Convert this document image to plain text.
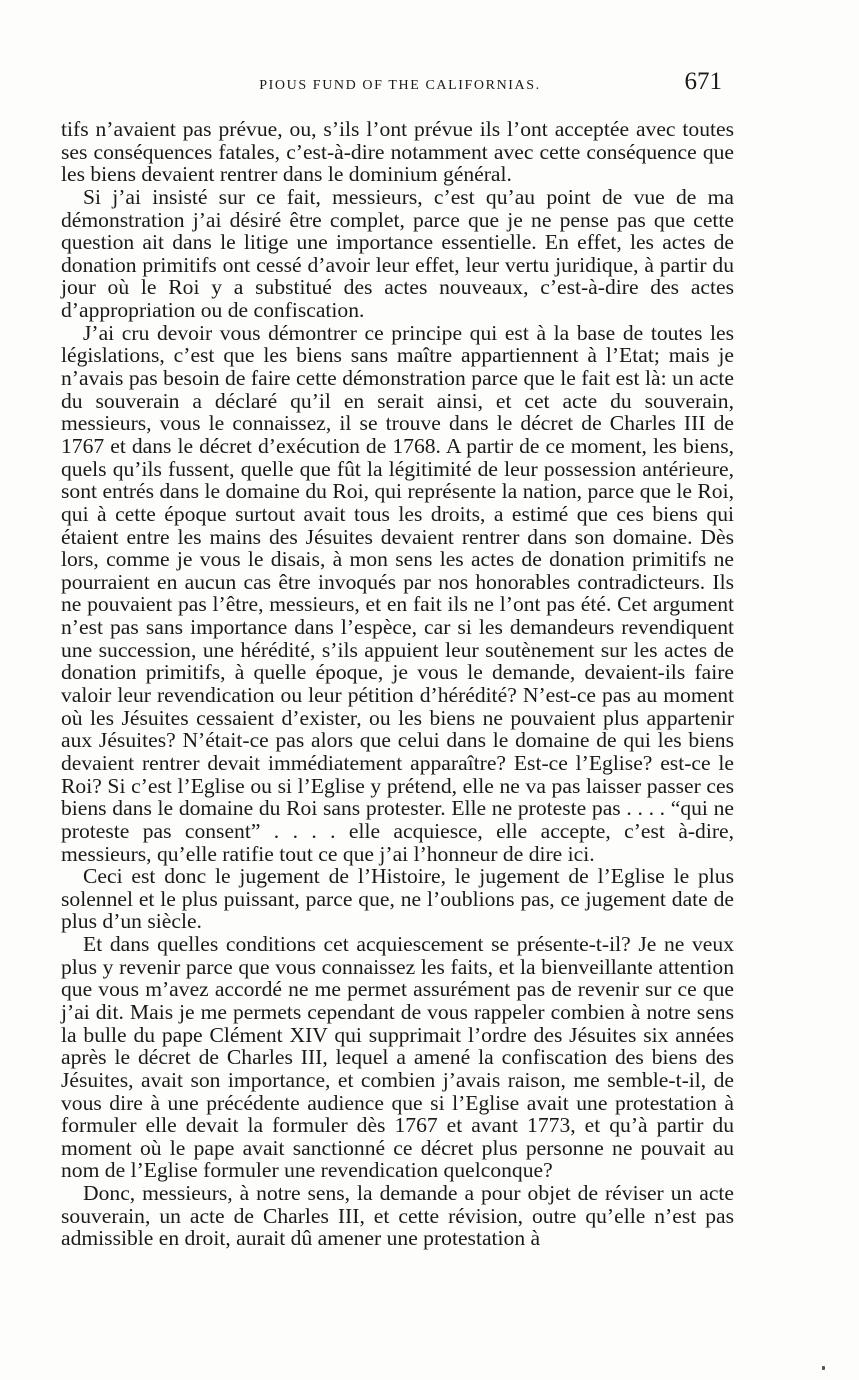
PIOUS FUND OF THE CALIFORNIAS.	671

tifs n’avaient pas prévue, ou, s’ils l’ont prévue ils l’ont acceptée avec toutes ses conséquences fatales, c’est-à-dire notamment avec cette conséquence que les biens devaient rentrer dans le dominium général.

Si j’ai insisté sur ce fait, messieurs, c’est qu’au point de vue de ma démonstration j’ai désiré être complet, parce que je ne pense pas que cette question ait dans le litige une importance essentielle. En effet, les actes de donation primitifs ont cessé d’avoir leur effet, leur vertu juridique, à partir du jour où le Roi y a substitué des actes nouveaux, c’est-à-dire des actes d’appropriation ou de confiscation.

J’ai cru devoir vous démontrer ce principe qui est à la base de toutes les législations, c’est que les biens sans maître appartiennent à l’Etat; mais je n’avais pas besoin de faire cette démonstration parce que le fait est là: un acte du souverain a déclaré qu’il en serait ainsi, et cet acte du souverain, messieurs, vous le connaissez, il se trouve dans le décret de Charles III de 1767 et dans le décret d’exécution de 1768. A partir de ce moment, les biens, quels qu’ils fussent, quelle que fût la légitimité de leur possession antérieure, sont entrés dans le domaine du Roi, qui représente la nation, parce que le Roi, qui à cette époque surtout avait tous les droits, a estimé que ces biens qui étaient entre les mains des Jésuites devaient rentrer dans son domaine. Dès lors, comme je vous le disais, à mon sens les actes de donation primitifs ne pourraient en aucun cas être invoqués par nos honorables contradicteurs. Ils ne pouvaient pas l’être, messieurs, et en fait ils ne l’ont pas été. Cet argument n’est pas sans importance dans l’espèce, car si les demandeurs revendiquent une succession, une hérédité, s’ils appuient leur soutènement sur les actes de donation primitifs, à quelle époque, je vous le demande, devaient-ils faire valoir leur revendication ou leur pétition d’hérédité? N’est-ce pas au moment où les Jésuites cessaient d’exister, ou les biens ne pouvaient plus appartenir aux Jésuites? N’était-ce pas alors que celui dans le domaine de qui les biens devaient rentrer devait immédiatement apparaître? Est-ce l’Eglise? est-ce le Roi? Si c’est l’Eglise ou si l’Eglise y prétend, elle ne va pas laisser passer ces biens dans le domaine du Roi sans protester. Elle ne proteste pas . . . . “qui ne proteste pas consent” . . . . elle acquiesce, elle accepte, c’est à-dire, messieurs, qu’elle ratifie tout ce que j’ai l’honneur de dire ici.

Ceci est donc le jugement de l’Histoire, le jugement de l’Eglise le plus solennel et le plus puissant, parce que, ne l’oublions pas, ce jugement date de plus d’un siècle.

Et dans quelles conditions cet acquiescement se présente-t-il? Je ne veux plus y revenir parce que vous connaissez les faits, et la bienveillante attention que vous m’avez accordé ne me permet assurément pas de revenir sur ce que j’ai dit. Mais je me permets cependant de vous rappeler combien à notre sens la bulle du pape Clément XIV qui supprimait l’ordre des Jésuites six années après le décret de Charles III, lequel a amené la confiscation des biens des Jésuites, avait son importance, et combien j’avais raison, me semble-t-il, de vous dire à une précédente audience que si l’Eglise avait une protestation à formuler elle devait la formuler dès 1767 et avant 1773, et qu’à partir du moment où le pape avait sanctionné ce décret plus personne ne pouvait au nom de l’Eglise formuler une revendication quelconque?

Donc, messieurs, à notre sens, la demande a pour objet de réviser un acte souverain, un acte de Charles III, et cette révision, outre qu’elle n’est pas admissible en droit, aurait dû amener une protestation à
